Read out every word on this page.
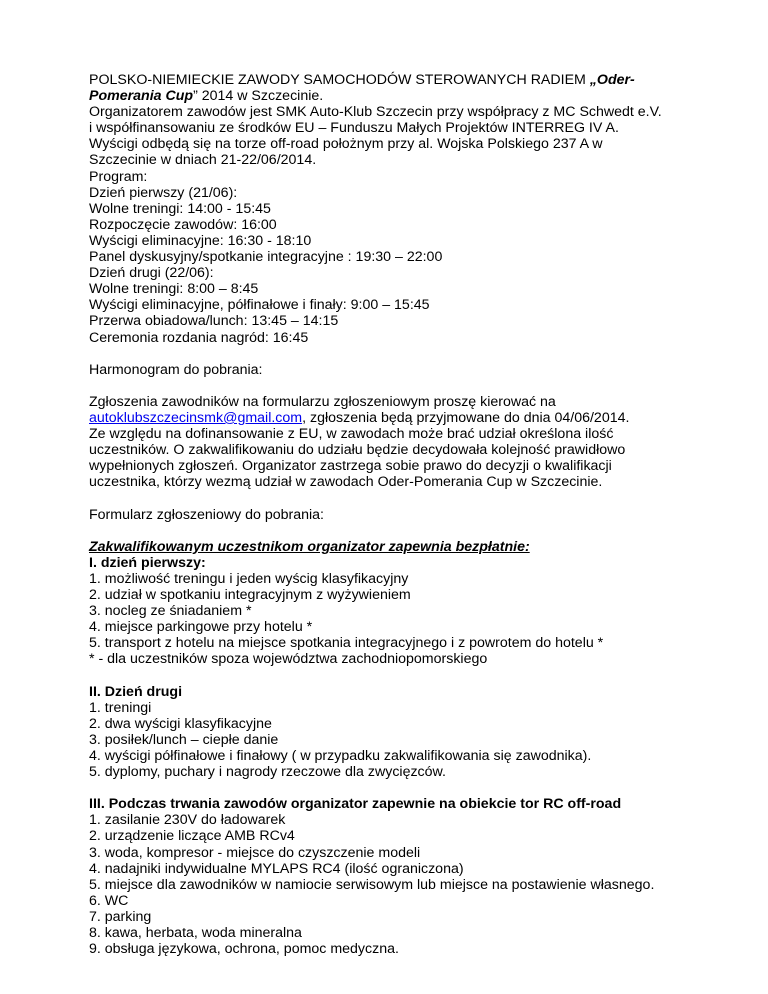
POLSKO-NIEMIECKIE ZAWODY SAMOCHODÓW STEROWANYCH RADIEM „Oder-
Pomerania Cup” 2014 w Szczecinie.
Organizatorem zawodów jest SMK Auto-Klub Szczecin przy współpracy z MC Schwedt e.V.
i współfinansowaniu ze środków EU – Funduszu Małych Projektów INTERREG IV A.
Wyścigi odbędą się na torze off-road położnym przy al. Wojska Polskiego 237 A w
Szczecinie w dniach 21-22/06/2014.
Program:
Dzień pierwszy (21/06):
Wolne treningi: 14:00 - 15:45
Rozpoczęcie zawodów: 16:00
Wyścigi eliminacyjne: 16:30 - 18:10
Panel dyskusyjny/spotkanie integracyjne : 19:30 – 22:00
Dzień drugi (22/06):
Wolne treningi: 8:00 – 8:45
Wyścigi eliminacyjne, półfinałowe i finały: 9:00 – 15:45
Przerwa obiadowa/lunch: 13:45 – 14:15
Ceremonia rozdania nagród: 16:45
Harmonogram do pobrania:
Zgłoszenia zawodników na formularzu zgłoszeniowym proszę kierować na
autoklubszczecinsmk@gmail.com, zgłoszenia będą przyjmowane do dnia 04/06/2014.
Ze względu na dofinansowanie z EU, w zawodach może brać udział określona ilość
uczestników. O zakwalifikowaniu do udziału będzie decydowała kolejność prawidłowo
wypełnionych zgłoszeń. Organizator zastrzega sobie prawo do decyzji o kwalifikacji
uczestnika, którzy wezmą udział w zawodach Oder-Pomerania Cup w Szczecinie.
Formularz zgłoszeniowy do pobrania:
Zakwalifikowanym uczestnikom organizator zapewnia bezpłatnie:
I. dzień pierwszy:
1. możliwość treningu i jeden wyścig klasyfikacyjny
2. udział w spotkaniu integracyjnym z wyżywieniem
3. nocleg ze śniadaniem *
4. miejsce parkingowe przy hotelu *
5. transport z hotelu na miejsce spotkania integracyjnego i z powrotem do hotelu *
* - dla uczestników spoza województwa zachodniopomorskiego
II. Dzień drugi
1. treningi
2. dwa wyścigi klasyfikacyjne
3. posiłek/lunch – ciepłe danie
4. wyścigi półfinałowe i finałowy ( w przypadku zakwalifikowania się zawodnika).
5. dyplomy, puchary i nagrody rzeczowe dla zwycięzców.
III. Podczas trwania zawodów organizator zapewnie na obiekcie tor RC off-road
1. zasilanie 230V do ładowarek
2. urządzenie liczące AMB RCv4
3. woda, kompresor - miejsce do czyszczenie modeli
4. nadajniki indywidualne MYLAPS RC4 (ilość ograniczona)
5. miejsce dla zawodników w namiocie serwisowym lub miejsce na postawienie własnego.
6. WC
7. parking
8. kawa, herbata, woda mineralna
9. obsługa językowa, ochrona, pomoc medyczna.
